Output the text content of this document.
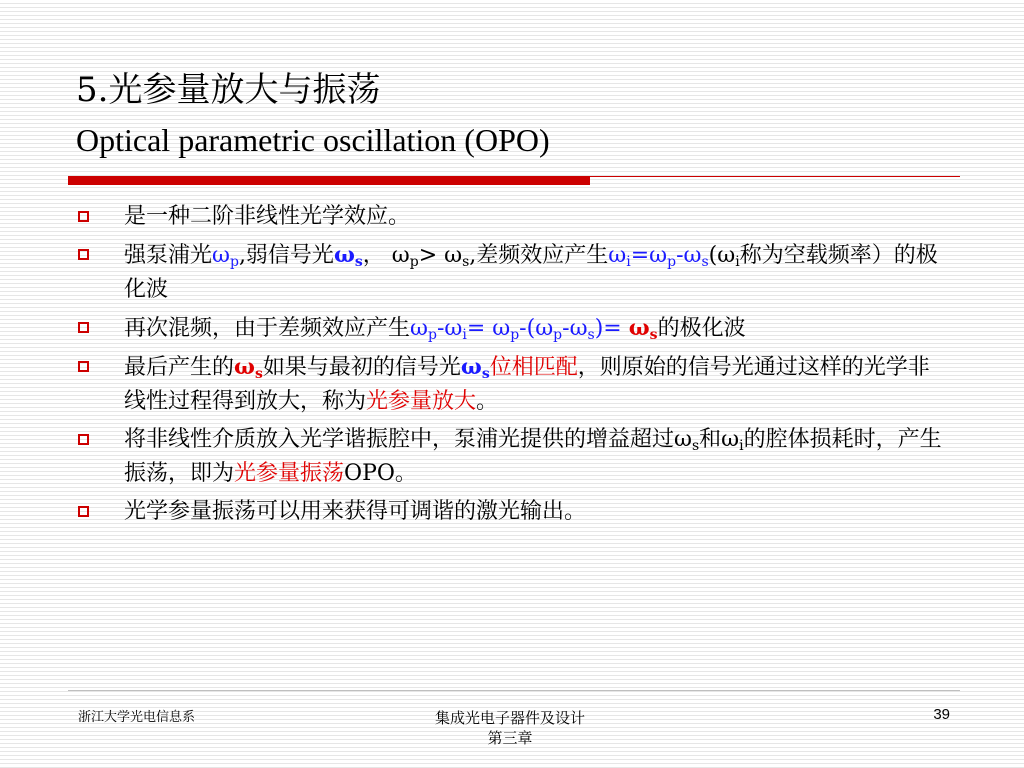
5.光参量放大与振荡
Optical parametric oscillation (OPO)
是一种二阶非线性光学效应。
强泵浦光$\omega_p$,弱信号光$\omega_s$， $\omega_p> \omega_s$,差频效应产生$\omega_i=\omega_p-\omega_s(\omega_i$称为空载频率）的极化波
再次混频，由于差频效应产生$\omega_p-\omega_i= \omega_p-(\omega_p-\omega_s)= \omega_s$的极化波
最后产生的$\omega_s$如果与最初的信号光$\omega_s$位相匹配，则原始的信号光通过这样的光学非线性过程得到放大，称为光参量放大。
将非线性介质放入光学谐振腔中，泵浦光提供的增益超过$\omega_s$和$\omega_i$的腔体损耗时，产生振荡，即为光参量振荡OPO。
光学参量振荡可以用来获得可调谐的激光输出。
浙江大学光电信息系	集成光电子器件及设计
第三章
39
